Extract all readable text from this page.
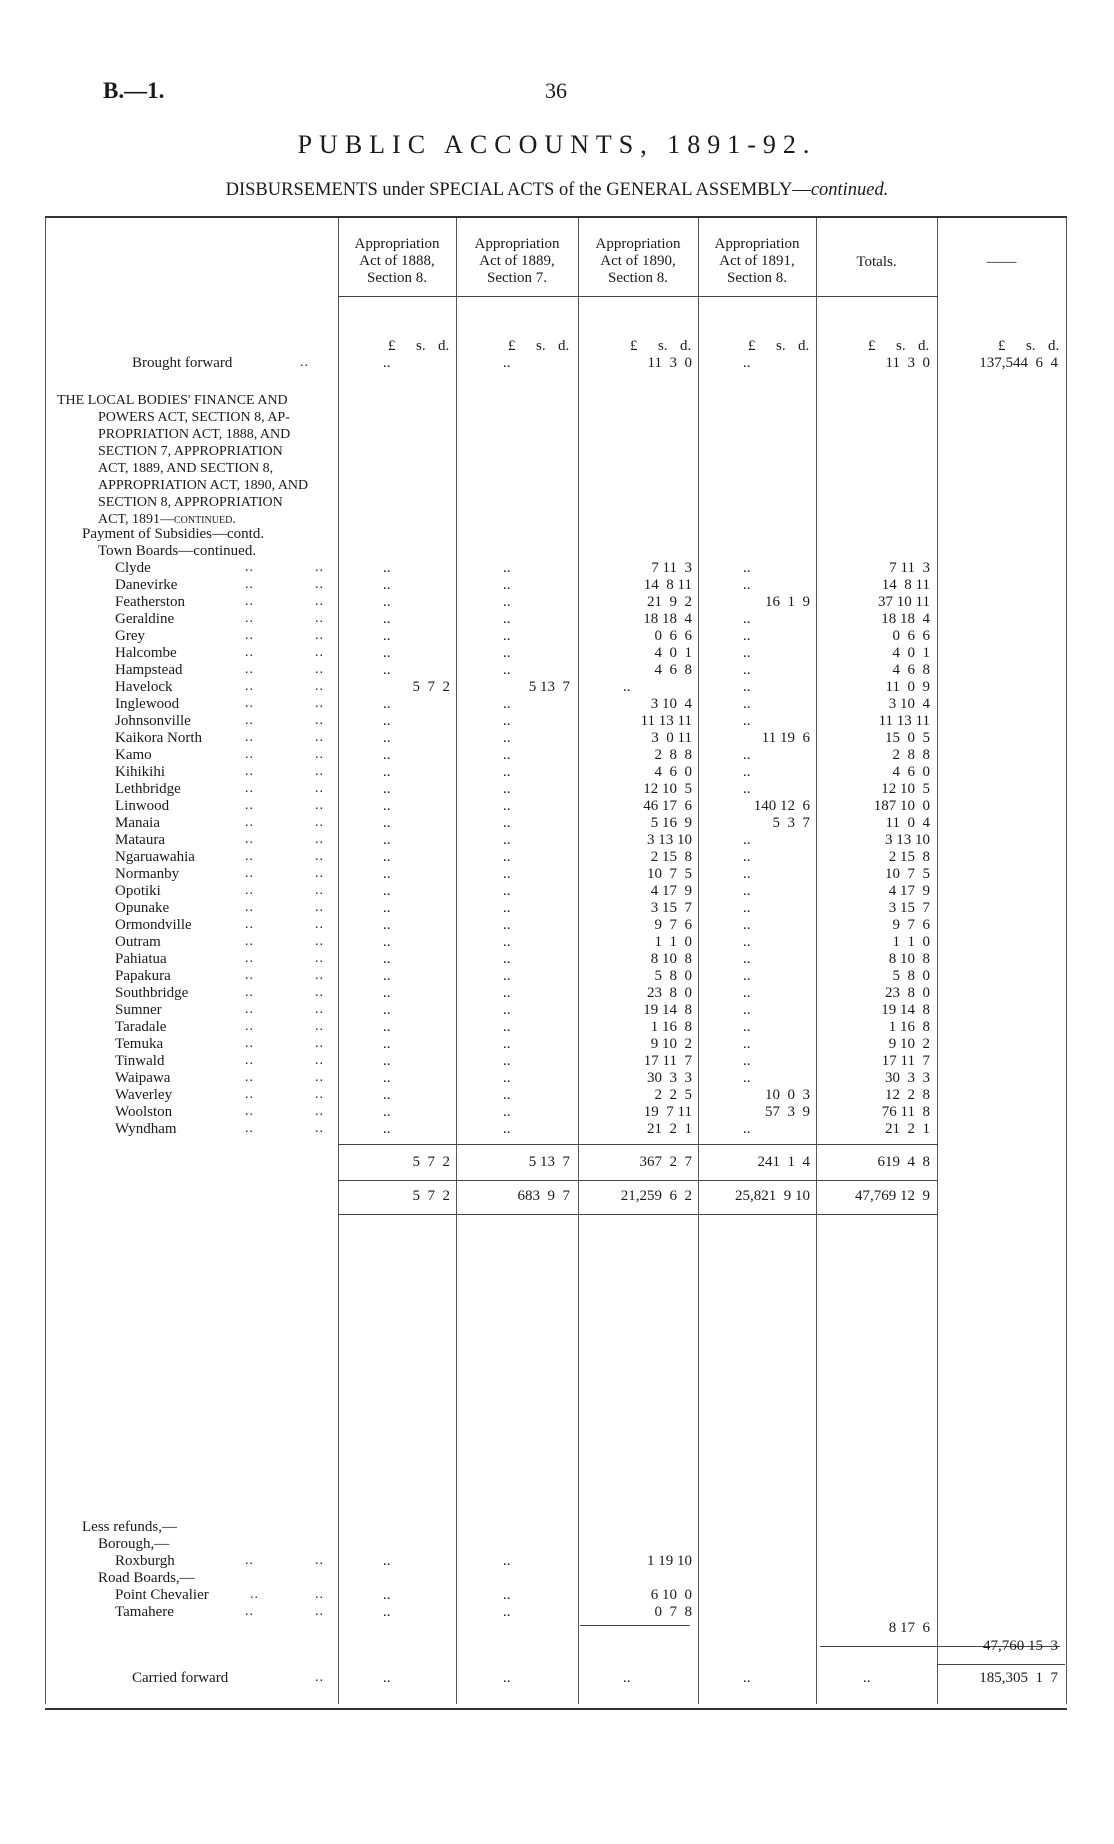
B.—1.	36
PUBLIC ACCOUNTS, 1891-92.
DISBURSEMENTS under SPECIAL ACTS of the GENERAL ASSEMBLY—continued.
Appropriation
Act of 1888,
Section 8.
Appropriation
Act of 1889,
Section 7.
Appropriation
Act of 1890,
Section 8.
Appropriation
Act of 1891,
Section 8.
Totals.	——
£ s. d.	£ s. d.	£ s. d.	£ s. d.	£ s. d.	£ s. d.
Brought forward	..	..	..	11  3  0	..	11  3  0	137,544  6  4
THE LOCAL BODIES' FINANCE AND
POWERS ACT, SECTION 8, AP-
PROPRIATION ACT, 1888, AND
SECTION 7, APPROPRIATION
ACT, 1889, AND SECTION 8,
APPROPRIATION ACT, 1890, AND
SECTION 8, APPROPRIATION
ACT, 1891—continued.
Payment of Subsidies—contd.
Town Boards—continued.
Clyde	..	..	..	..	7 11  3	..	7 11  3
Danevirke	..	..	..	..	14  8 11	..	14  8 11
Featherston	..	..	..	..	21  9  2	16  1  9	37 10 11
Geraldine	..	..	..	..	18 18  4	..	18 18  4
Grey	..	..	..	..	0  6  6	..	0  6  6
Halcombe	..	..	..	..	4  0  1	..	4  0  1
Hampstead	..	..	..	..	4  6  8	..	4  6  8
Havelock	..	..	5  7  2	5 13  7	..	..	11  0  9
Inglewood	..	..	..	..	3 10  4	..	3 10  4
Johnsonville	..	..	..	..	11 13 11	..	11 13 11
Kaikora North	..	..	..	..	3  0 11	11 19  6	15  0  5
Kamo	..	..	..	..	2  8  8	..	2  8  8
Kihikihi	..	..	..	..	4  6  0	..	4  6  0
Lethbridge	..	..	..	..	12 10  5	..	12 10  5
Linwood	..	..	..	..	46 17  6	140 12  6	187 10  0
Manaia	..	..	..	..	5 16  9	5  3  7	11  0  4
Mataura	..	..	..	..	3 13 10	..	3 13 10
Ngaruawahia	..	..	..	..	2 15  8	..	2 15  8
Normanby	..	..	..	..	10  7  5	..	10  7  5
Opotiki	..	..	..	..	4 17  9	..	4 17  9
Opunake	..	..	..	..	3 15  7	..	3 15  7
Ormondville	..	..	..	..	9  7  6	..	9  7  6
Outram	..	..	..	..	1  1  0	..	1  1  0
Pahiatua	..	..	..	..	8 10  8	..	8 10  8
Papakura	..	..	..	..	5  8  0	..	5  8  0
Southbridge	..	..	..	..	23  8  0	..	23  8  0
Sumner	..	..	..	..	19 14  8	..	19 14  8
Taradale	..	..	..	..	1 16  8	..	1 16  8
Temuka	..	..	..	..	9 10  2	..	9 10  2
Tinwald	..	..	..	..	17 11  7	..	17 11  7
Waipawa	..	..	..	..	30  3  3	..	30  3  3
Waverley	..	..	..	..	2  2  5	10  0  3	12  2  8
Woolston	..	..	..	..	19  7 11	57  3  9	76 11  8
Wyndham	..	..	..	..	21  2  1	..	21  2  1
5  7  2	5 13  7	367  2  7	241  1  4	619  4  8
5  7  2	683  9  7	21,259  6  2	25,821  9 10	47,769 12  9
Less refunds,—
Borough,—
Roxburgh	..	..	..	..	1 19 10
Road Boards,—
Point Chevalier	..	..	..	..	6 10  0
Tamahere	..	..	..	..	0  7  8
8 17  6
47,760 15  3
Carried forward	..	..	..	..	..	..	185,305  1  7
